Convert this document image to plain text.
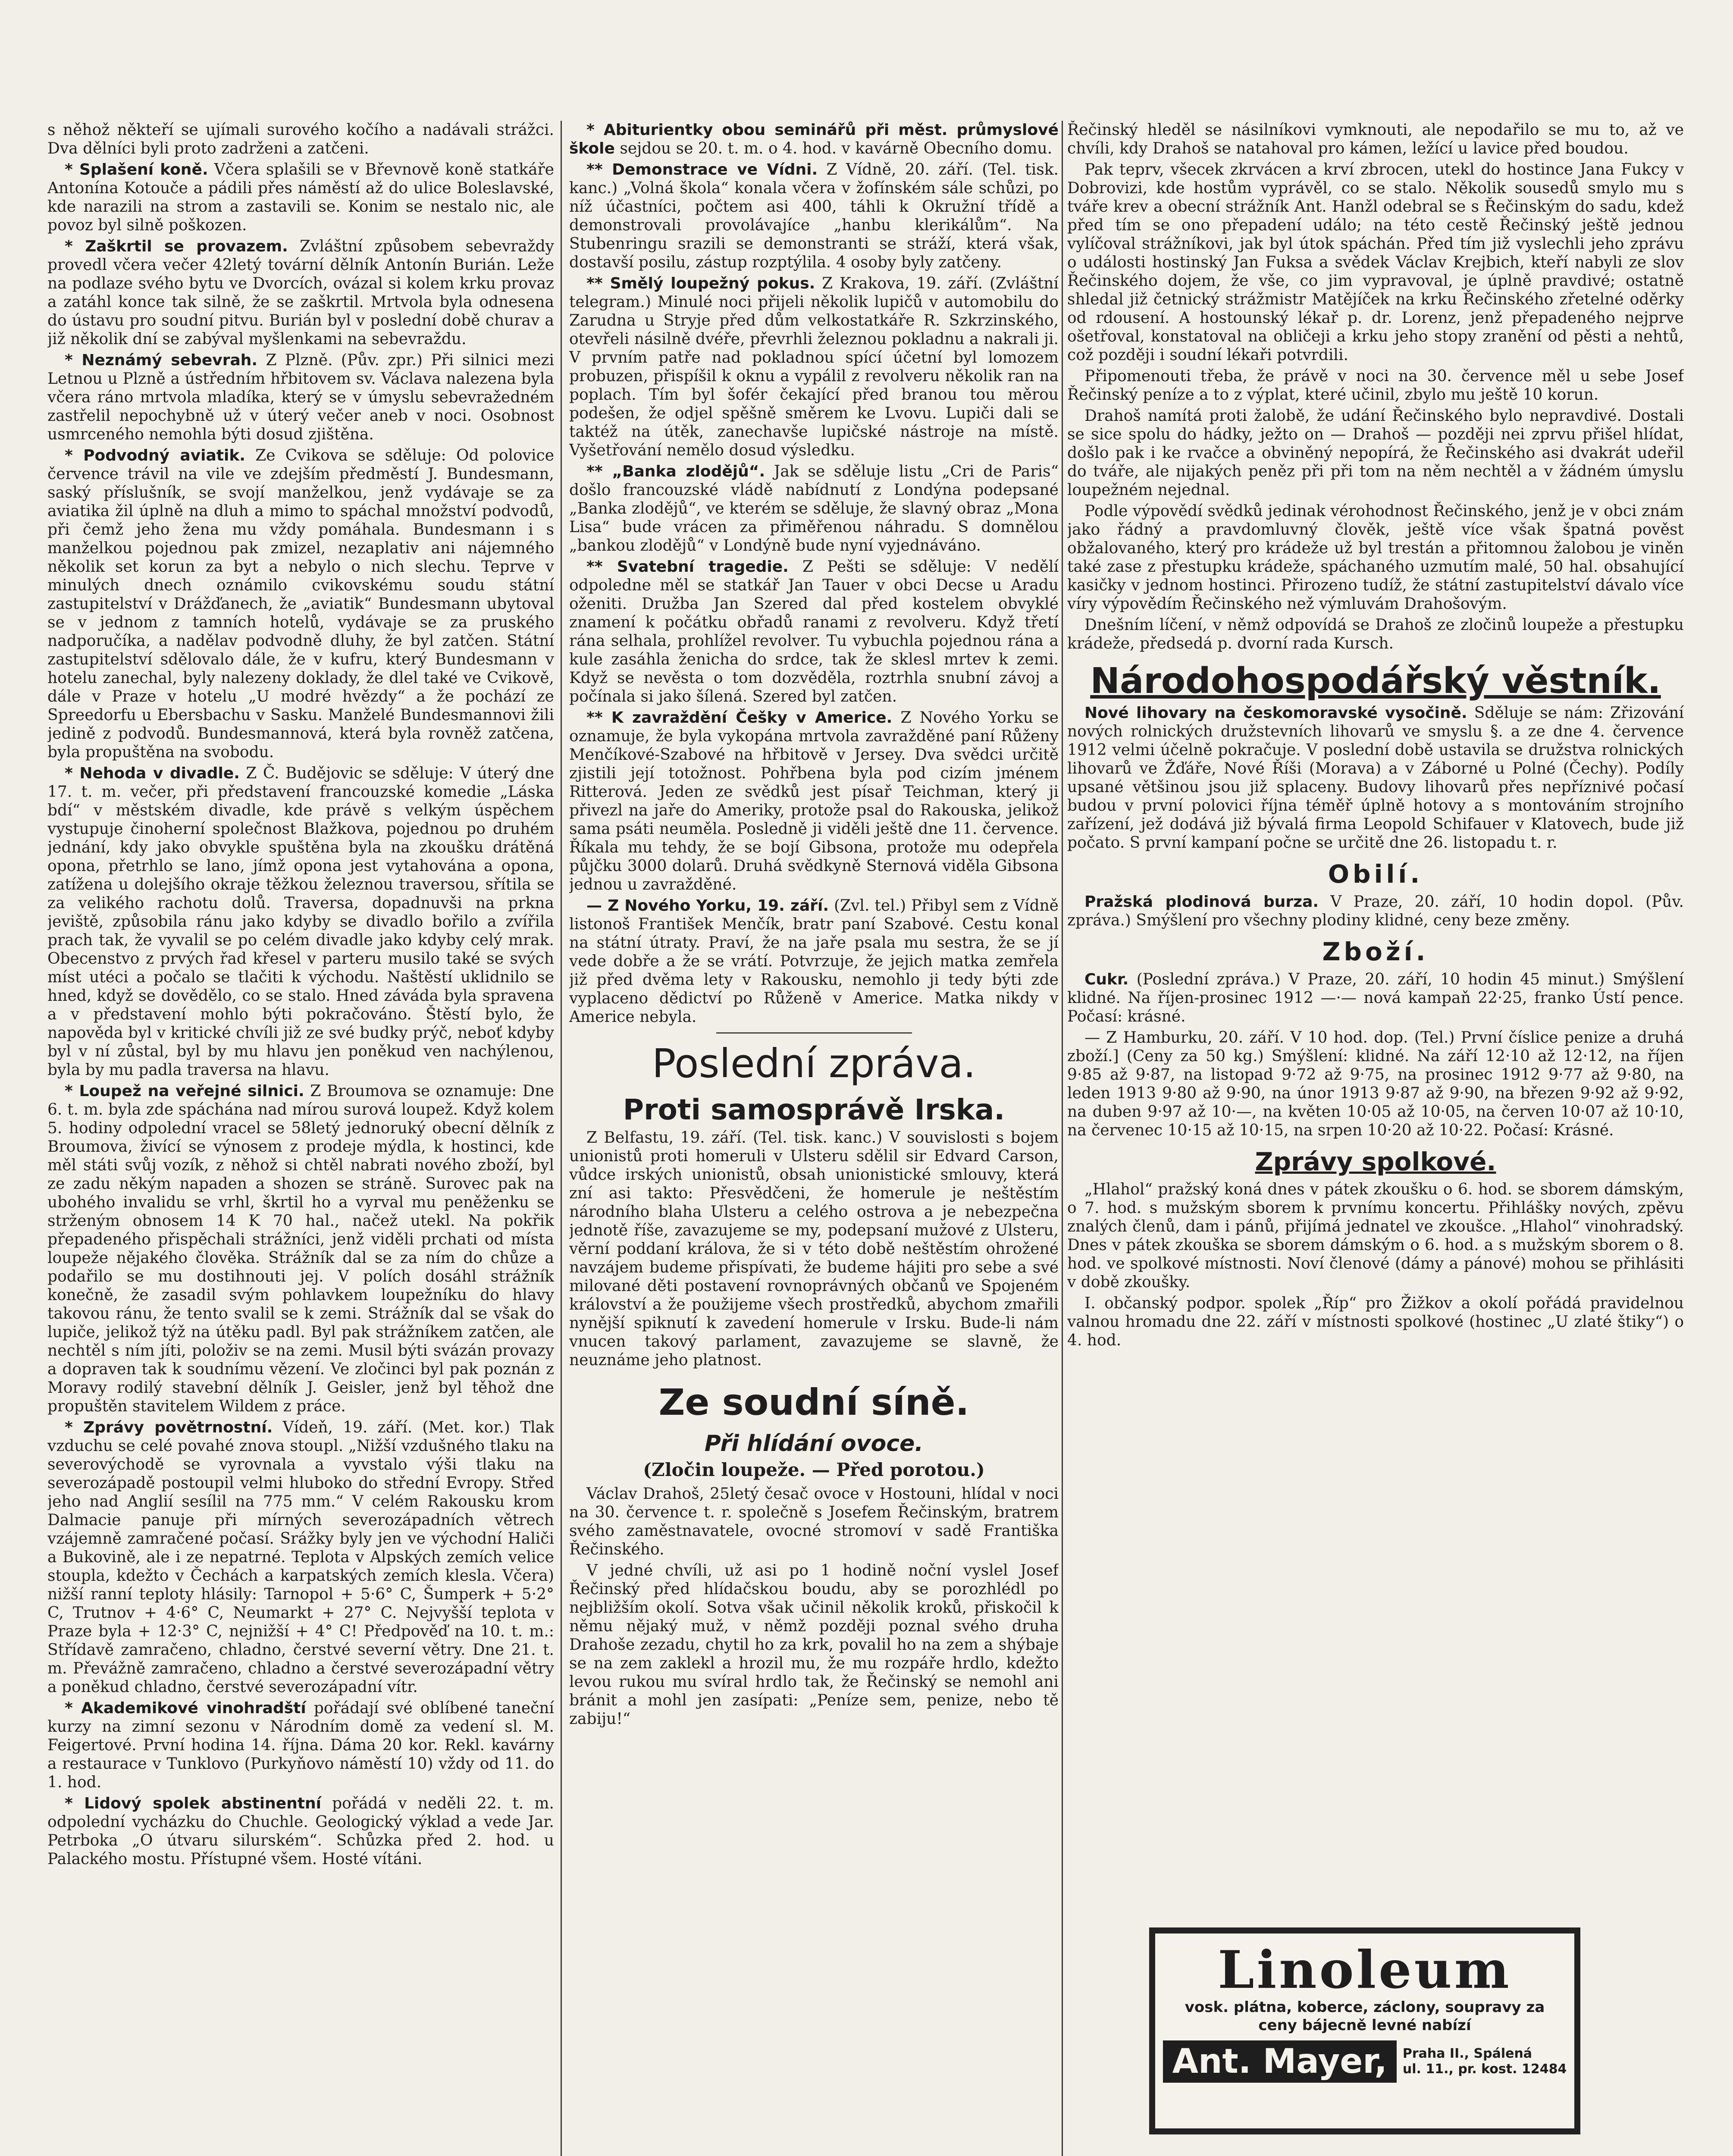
s něhož někteří se ujímali surového kočího a nadávali strážci. Dva dělníci byli proto zadrženi a zatčeni.

* Splašení koně. Včera splašili se v Břevnově koně statkáře Antonína Kotouče a pádili přes náměstí až do ulice Boleslavské, kde narazili na strom a zastavili se. Konim se nestalo nic, ale povoz byl silně poškozen.

* Zaškrtil se provazem. Zvláštní způsobem sebevraždy provedl včera večer 42letý tovární dělník Antonín Burián. Leže na podlaze svého bytu ve Dvorcích, ovázal si kolem krku provaz a zatáhl konce tak silně, že se zaškrtil. Mrtvola byla odnesena do ústavu pro soudní pitvu. Burián byl v poslední době churav a již několik dní se zabýval myšlenkami na sebevraždu.

* Neznámý sebevrah. Z Plzně. (Pův. zpr.) Při silnici mezi Letnou u Plzně a ústředním hřbitovem sv. Václava nalezena byla včera ráno mrtvola mladíka, který se v úmyslu sebevražedném zastřelil nepochybně už v úterý večer aneb v noci. Osobnost usmrceného nemohla býti dosud zjištěna.

* Podvodný aviatik. Ze Cvikova se sděluje: Od polovice července trávil na vile ve zdejším předměstí J. Bundesmann, saský příslušník, se svojí manželkou, jenž vydávaje se za aviatika žil úplně na dluh a mimo to spáchal množství podvodů, při čemž jeho žena mu vždy pomáhala. Bundesmann i s manželkou pojednou pak zmizel, nezaplativ ani nájemného několik set korun za byt a nebylo o nich slechu. Teprve v minulých dnech oznámilo cvikovskému soudu státní zastupitelství v Drážďanech, že „aviatik“ Bundesmann ubytoval se v jednom z tamních hotelů, vydávaje se za pruského nadporučíka, a nadělav podvodně dluhy, že byl zatčen. Státní zastupitelství sdělovalo dále, že v kufru, který Bundesmann v hotelu zanechal, byly nalezeny doklady, že dlel také ve Cvikově, dále v Praze v hotelu „U modré hvězdy“ a že pochází ze Spreedorfu u Ebersbachu v Sasku. Manželé Bundesmannovi žili jedině z podvodů. Bundesmannová, která byla rovněž zatčena, byla propuštěna na svobodu.

* Nehoda v divadle. Z Č. Budějovic se sděluje: V úterý dne 17. t. m. večer, při představení francouzské komedie „Láska bdí“ v městském divadle, kde právě s velkým úspěchem vystupuje činoherní společnost Blažkova, pojednou po druhém jednání, kdy jako obvykle spuštěna byla na zkoušku drátěná opona, přetrhlo se lano, jímž opona jest vytahována a opona, zatížena u dolejšího okraje těžkou železnou traversou, sřítila se za velikého rachotu dolů. Traversa, dopadnuvši na prkna jeviště, způsobila ránu jako kdyby se divadlo bořilo a zvířila prach tak, že vyvalil se po celém divadle jako kdyby celý mrak. Obecenstvo z prvých řad křesel v parteru musilo také se svých míst utéci a počalo se tlačiti k východu. Naštěstí uklidnilo se hned, když se dovědělo, co se stalo. Hned záváda byla spravena a v představení mohlo býti pokračováno. Štěstí bylo, že napověda byl v kritické chvíli již ze své budky prýč, neboť kdyby byl v ní zůstal, byl by mu hlavu jen poněkud ven nachýlenou, byla by mu padla traversa na hlavu.

* Loupež na veřejné silnici. Z Broumova se oznamuje: Dne 6. t. m. byla zde spáchána nad mírou surová loupež. Když kolem 5. hodiny odpolední vracel se 58letý jednoruký obecní dělník z Broumova, živící se výnosem z prodeje mýdla, k hostinci, kde měl státi svůj vozík, z něhož si chtěl nabrati nového zboží, byl ze zadu někým napaden a shozen se stráně. Surovec pak na ubohého invalidu se vrhl, škrtil ho a vyrval mu peněženku se strženým obnosem 14 K 70 hal., načež utekl. Na pokřik přepadeného přispěchali strážníci, jenž viděli prchati od místa loupeže nějakého člověka. Strážník dal se za ním do chůze a podařilo se mu dostihnouti jej. V polích dosáhl strážník konečně, že zasadil svým pohlavkem loupežníku do hlavy takovou ránu, že tento svalil se k zemi. Strážník dal se však do lupiče, jelikož týž na útěku padl. Byl pak strážníkem zatčen, ale nechtěl s ním jíti, položiv se na zemi. Musil býti svázán provazy a dopraven tak k soudnímu vězení. Ve zločinci byl pak poznán z Moravy rodilý stavební dělník J. Geisler, jenž byl těhož dne propuštěn stavitelem Wildem z práce.

* Zprávy povětrnostní. Vídeň, 19. září. (Met. kor.) Tlak vzduchu se celé povahé znova stoupl. „Nižší vzdušného tlaku na severovýchodě se vyrovnala a vyvstalo výši tlaku na severozápadě postoupil velmi hluboko do střední Evropy. Střed jeho nad Anglií sesílil na 775 mm.“ V celém Rakousku krom Dalmacie panuje při mírných severozápadních větrech vzájemně zamračené počasí. Srážky byly jen ve východní Haliči a Bukovině, ale i ze nepatrné. Teplota v Alpských zemích velice stoupla, kdežto v Čechách a karpatských zemích klesla. Včera) nižší ranní teploty hlásily: Tarnopol + 5·6° C, Šumperk + 5·2° C, Trutnov + 4·6° C, Neumarkt + 27° C. Nejvyšší teplota v Praze byla + 12·3° C, nejnižší + 4° C! Předpověď na 10. t. m.: Střídavě zamračeno, chladno, čerstvé severní větry. Dne 21. t. m. Převážně zamračeno, chladno a čerstvé severozápadní větry a poněkud chladno, čerstvé severozápadní vítr.

* Akademikové vinohradští pořádají své oblíbené taneční kurzy na zimní sezonu v Národním domě za vedení sl. M. Feigertové. První hodina 14. října. Dáma 20 kor. Rekl. kavárny a restaurace v Tunklovo (Purkyňovo náměstí 10) vždy od 11. do 1. hod.

* Lidový spolek abstinentní pořádá v neděli 22. t. m. odpolední vycházku do Chuchle. Geologický výklad a vede Jar. Petrboka „O útvaru silurském“. Schůzka před 2. hod. u Palackého mostu. Přístupné všem. Hosté vítáni.

* Abiturientky obou seminářů při měst. průmyslové škole sejdou se 20. t. m. o 4. hod. v kavárně Obecního domu.

** Demonstrace ve Vídni. Z Vídně, 20. září. (Tel. tisk. kanc.) „Volná škola“ konala včera v žofínském sále schůzi, po níž účastníci, počtem asi 400, táhli k Okružní třídě a demonstrovali provolávajíce „hanbu klerikálům“. Na Stubenringu srazili se demonstranti se stráží, která však, dostavší posilu, zástup rozptýlila. 4 osoby byly zatčeny.

** Smělý loupežný pokus. Z Krakova, 19. září. (Zvláštní telegram.) Minulé noci přijeli několik lupičů v automobilu do Zarudna u Stryje před dům velkostatkáře R. Szkrzinského, otevřeli násilně dvéře, převrhli železnou pokladnu a nakrali ji. V prvním patře nad pokladnou spící účetní byl lomozem probuzen, přispíšil k oknu a vypálil z revolveru několik ran na poplach. Tím byl šofér čekající před branou tou měrou podešen, že odjel spěšně směrem ke Lvovu. Lupiči dali se taktéž na útěk, zanechavše lupičské nástroje na místě. Vyšetřování nemělo dosud výsledku.

** „Banka zlodějů“. Jak se sděluje listu „Cri de Paris“ došlo francouzské vládě nabídnutí z Londýna podepsané „Banka zlodějů“, ve kterém se sděluje, že slavný obraz „Mona Lisa“ bude vrácen za přiměřenou náhradu. S domnělou „bankou zlodějů“ v Londýně bude nyní vyjednáváno.

** Svatební tragedie. Z Pešti se sděluje: V nedělí odpoledne měl se statkář Jan Tauer v obci Decse u Aradu oženiti. Družba Jan Szered dal před kostelem obvyklé znamení k počátku obřadů ranami z revolveru. Když třetí rána selhala, prohlížel revolver. Tu vybuchla pojednou rána a kule zasáhla ženicha do srdce, tak že sklesl mrtev k zemi. Když se nevěsta o tom dozvěděla, roztrhla snubní závoj a počínala si jako šílená. Szered byl zatčen.

** K zavraždění Češky v Americe. Z Nového Yorku se oznamuje, že byla vykopána mrtvola zavražděné paní Růženy Menčíkové-Szabové na hřbitově v Jersey. Dva svědci určitě zjistili její totožnost. Pohřbena byla pod cizím jménem Ritterová. Jeden ze svědků jest písař Teichman, který ji přivezl na jaře do Ameriky, protože psal do Rakouska, jelikož sama psáti neuměla. Posledně ji viděli ještě dne 11. července. Říkala mu tehdy, že se bojí Gibsona, protože mu odepřela půjčku 3000 dolarů. Druhá svědkyně Sternová viděla Gibsona jednou u zavražděné.

— Z Nového Yorku, 19. září. (Zvl. tel.) Přibyl sem z Vídně listonoš František Menčík, bratr paní Szabové. Cestu konal na státní útraty. Praví, že na jaře psala mu sestra, že se jí vede dobře a že se vrátí. Potvrzuje, že jejich matka zemřela již před dvěma lety v Rakousku, nemohlo ji tedy býti zde vyplaceno dědictví po Růženě v Americe. Matka nikdy v Americe nebyla.

Poslední zpráva.
Proti samosprávě Irska.

Z Belfastu, 19. září. (Tel. tisk. kanc.) V souvislosti s bojem unionistů proti homeruli v Ulsteru sdělil sir Edvard Carson, vůdce irských unionistů, obsah unionistické smlouvy, která zní asi takto: Přesvědčeni, že homerule je neštěstím národního blaha Ulsteru a celého ostrova a je nebezpečna jednotě říše, zavazujeme se my, podepsaní mužové z Ulsteru, věrní poddaní králova, že si v této době neštěstím ohrožené navzájem budeme přispívati, že budeme hájiti pro sebe a své milované děti postavení rovnoprávných občanů ve Spojeném království a že použijeme všech prostředků, abychom zmařili nynější spiknutí k zavedení homerule v Irsku. Bude-li nám vnucen takový parlament, zavazujeme se slavně, že neuznáme jeho platnost.

Ze soudní síně.
Při hlídání ovoce.
(Zločin loupeže. — Před porotou.)

Václav Drahoš, 25letý česač ovoce v Hostouni, hlídal v noci na 30. července t. r. společně s Josefem Řečinským, bratrem svého zaměstnavatele, ovocné stromoví v sadě Františka Řečinského.

V jedné chvíli, už asi po 1 hodině noční vyslel Josef Řečinský před hlídačskou boudu, aby se porozhlédl po nejbližším okolí. Sotva však učinil několik kroků, přiskočil k němu nějaký muž, v němž později poznal svého druha Drahoše zezadu, chytil ho za krk, povalil ho na zem a shýbaje se na zem zaklekl a hrozil mu, že mu rozpáře hrdlo, kdežto levou rukou mu svíral hrdlo tak, že Řečinský se nemohl ani bránit a mohl jen zasípati: „Peníze sem, penize, nebo tě zabiju!“

Řečinský hleděl se násilníkovi vymknouti, ale nepodařilo se mu to, až ve chvíli, kdy Drahoš se natahoval pro kámen, ležící u lavice před boudou.

Pak teprv, všecek zkrvácen a krví zbrocen, utekl do hostince Jana Fukcy v Dobrovizi, kde hostům vyprávěl, co se stalo. Několik sousedů smylo mu s tváře krev a obecní strážník Ant. Hanžl odebral se s Řečinským do sadu, kdež před tím se ono přepadení událo; na této cestě Řečinský ještě jednou vylíčoval strážníkovi, jak byl útok spáchán. Před tím již vyslechli jeho zprávu o události hostinský Jan Fuksa a svědek Václav Krejbich, kteří nabyli ze slov Řečinského dojem, že vše, co jim vypravoval, je úplně pravdivé; ostatně shledal již četnický strážmistr Matějíček na krku Řečinského zřetelné oděrky od rdousení. A hostounský lékař p. dr. Lorenz, jenž přepadeného nejprve ošetřoval, konstatoval na obličeji a krku jeho stopy zranění od pěsti a nehtů, což později i soudní lékaři potvrdili.

Připomenouti třeba, že právě v noci na 30. července měl u sebe Josef Řečinský peníze a to z výplat, které učinil, zbylo mu ještě 10 korun.

Drahoš namítá proti žalobě, že udání Řečinského bylo nepravdivé. Dostali se sice spolu do hádky, ježto on — Drahoš — později nei zprvu přišel hlídat, došlo pak i ke rvačce a obviněný nepopírá, že Řečinského asi dvakrát udeřil do tváře, ale nijakých peněz při při tom na něm nechtěl a v žádném úmyslu loupežném nejednal.

Podle výpovědí svědků jedinak vérohodnost Řečinského, jenž je v obci znám jako řádný a pravdomluvný člověk, ještě více však špatná pověst obžalovaného, který pro krádeže už byl trestán a přitomnou žalobou je viněn také zase z přestupku krádeže, spáchaného uzmutím malé, 50 hal. obsahující kasičky v jednom hostinci. Přirozeno tudíž, že státní zastupitelství dávalo více víry výpovědím Řečinského než výmluvám Drahošovým.

Dnešním líčení, v němž odpovídá se Drahoš ze zločinů loupeže a přestupku krádeže, předsedá p. dvorní rada Kursch.

Národohospodářský věstník.

Nové lihovary na českomoravské vysočině. Sděluje se nám: Zřizování nových rolnických družstevních lihovarů ve smyslu §. a ze dne 4. července 1912 velmi účelně pokračuje. V poslední době ustavila se družstva rolnických lihovarů ve Žďáře, Nové Říši (Morava) a v Záborné u Polné (Čechy). Podíly upsané většinou jsou již splaceny. Budovy lihovarů přes nepříznivé počasí budou v první polovici října téměř úplně hotovy a s montováním strojního zařízení, jež dodává již bývalá firma Leopold Schifauer v Klatovech, bude již počato. S první kampaní počne se určitě dne 26. listopadu t. r.

Obilí.

Pražská plodinová burza. V Praze, 20. září, 10 hodin dopol. (Pův. zpráva.) Smýšlení pro všechny plodiny klidné, ceny beze změny.

Zboží.

Cukr. (Poslední zpráva.) V Praze, 20. září, 10 hodin 45 minut.) Smýšlení klidné. Na říjen-prosinec 1912 —·— nová kampaň 22·25, franko Ústí pence. Počasí: krásné.

— Z Hamburku, 20. září. V 10 hod. dop. (Tel.) První číslice penize a druhá zboží.] (Ceny za 50 kg.) Smýšlení: klidné. Na září 12·10 až 12·12, na říjen 9·85 až 9·87, na listopad 9·72 až 9·75, na prosinec 1912 9·77 až 9·80, na leden 1913 9·80 až 9·90, na únor 1913 9·87 až 9·90, na březen 9·92 až 9·92, na duben 9·97 až 10·—, na květen 10·05 až 10·05, na červen 10·07 až 10·10, na červenec 10·15 až 10·15, na srpen 10·20 až 10·22. Počasí: Krásné.

Zprávy spolkové.

„Hlahol“ pražský koná dnes v pátek zkoušku o 6. hod. se sborem dámským, o 7. hod. s mužským sborem k prvnímu koncertu. Přihlášky nových, zpěvu znalých členů, dam i pánů, přijímá jednatel ve zkoušce. „Hlahol“ vinohradský. Dnes v pátek zkouška se sborem dámským o 6. hod. a s mužským sborem o 8. hod. ve spolkové místnosti. Noví členové (dámy a pánové) mohou se přihlásiti v době zkoušky.

I. občanský podpor. spolek „Říp“ pro Žižkov a okolí pořádá pravidelnou valnou hromadu dne 22. září v místnosti spolkové (hostinec „U zlaté štiky“) o 4. hod.

Linoleum
vosk. plátna, koberce, záclony, soupravy za ceny bájecně levné nabízí
Ant. Mayer,	Praha II., Spálená
ul. 11., pr. kost. 12484
